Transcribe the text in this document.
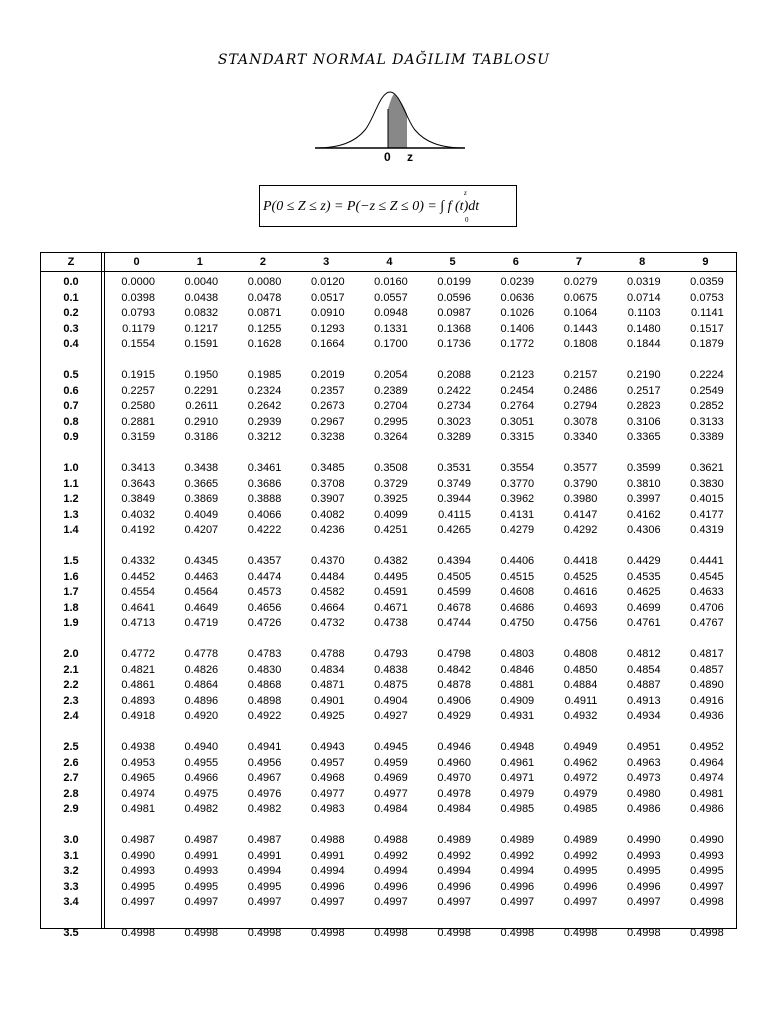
STANDART NORMAL DAĞILIM TABLOSU
0 z
P(0 ≤ Z ≤ z) = P(−z ≤ Z ≤ 0) = ∫ f (t)dt
z
0
Z	0	1	2	3	4	5	6	7	8	9
0.0	0.0000	0.0040	0.0080	0.0120	0.0160	0.0199	0.0239	0.0279	0.0319	0.0359
0.1	0.0398	0.0438	0.0478	0.0517	0.0557	0.0596	0.0636	0.0675	0.0714	0.0753
0.2	0.0793	0.0832	0.0871	0.0910	0.0948	0.0987	0.1026	0.1064	0.1103	0.1141
0.3	0.1179	0.1217	0.1255	0.1293	0.1331	0.1368	0.1406	0.1443	0.1480	0.1517
0.4	0.1554	0.1591	0.1628	0.1664	0.1700	0.1736	0.1772	0.1808	0.1844	0.1879
0.5	0.1915	0.1950	0.1985	0.2019	0.2054	0.2088	0.2123	0.2157	0.2190	0.2224
0.6	0.2257	0.2291	0.2324	0.2357	0.2389	0.2422	0.2454	0.2486	0.2517	0.2549
0.7	0.2580	0.2611	0.2642	0.2673	0.2704	0.2734	0.2764	0.2794	0.2823	0.2852
0.8	0.2881	0.2910	0.2939	0.2967	0.2995	0.3023	0.3051	0.3078	0.3106	0.3133
0.9	0.3159	0.3186	0.3212	0.3238	0.3264	0.3289	0.3315	0.3340	0.3365	0.3389
1.0	0.3413	0.3438	0.3461	0.3485	0.3508	0.3531	0.3554	0.3577	0.3599	0.3621
1.1	0.3643	0.3665	0.3686	0.3708	0.3729	0.3749	0.3770	0.3790	0.3810	0.3830
1.2	0.3849	0.3869	0.3888	0.3907	0.3925	0.3944	0.3962	0.3980	0.3997	0.4015
1.3	0.4032	0.4049	0.4066	0.4082	0.4099	0.4115	0.4131	0.4147	0.4162	0.4177
1.4	0.4192	0.4207	0.4222	0.4236	0.4251	0.4265	0.4279	0.4292	0.4306	0.4319
1.5	0.4332	0.4345	0.4357	0.4370	0.4382	0.4394	0.4406	0.4418	0.4429	0.4441
1.6	0.4452	0.4463	0.4474	0.4484	0.4495	0.4505	0.4515	0.4525	0.4535	0.4545
1.7	0.4554	0.4564	0.4573	0.4582	0.4591	0.4599	0.4608	0.4616	0.4625	0.4633
1.8	0.4641	0.4649	0.4656	0.4664	0.4671	0.4678	0.4686	0.4693	0.4699	0.4706
1.9	0.4713	0.4719	0.4726	0.4732	0.4738	0.4744	0.4750	0.4756	0.4761	0.4767
2.0	0.4772	0.4778	0.4783	0.4788	0.4793	0.4798	0.4803	0.4808	0.4812	0.4817
2.1	0.4821	0.4826	0.4830	0.4834	0.4838	0.4842	0.4846	0.4850	0.4854	0.4857
2.2	0.4861	0.4864	0.4868	0.4871	0.4875	0.4878	0.4881	0.4884	0.4887	0.4890
2.3	0.4893	0.4896	0.4898	0.4901	0.4904	0.4906	0.4909	0.4911	0.4913	0.4916
2.4	0.4918	0.4920	0.4922	0.4925	0.4927	0.4929	0.4931	0.4932	0.4934	0.4936
2.5	0.4938	0.4940	0.4941	0.4943	0.4945	0.4946	0.4948	0.4949	0.4951	0.4952
2.6	0.4953	0.4955	0.4956	0.4957	0.4959	0.4960	0.4961	0.4962	0.4963	0.4964
2.7	0.4965	0.4966	0.4967	0.4968	0.4969	0.4970	0.4971	0.4972	0.4973	0.4974
2.8	0.4974	0.4975	0.4976	0.4977	0.4977	0.4978	0.4979	0.4979	0.4980	0.4981
2.9	0.4981	0.4982	0.4982	0.4983	0.4984	0.4984	0.4985	0.4985	0.4986	0.4986
3.0	0.4987	0.4987	0.4987	0.4988	0.4988	0.4989	0.4989	0.4989	0.4990	0.4990
3.1	0.4990	0.4991	0.4991	0.4991	0.4992	0.4992	0.4992	0.4992	0.4993	0.4993
3.2	0.4993	0.4993	0.4994	0.4994	0.4994	0.4994	0.4994	0.4995	0.4995	0.4995
3.3	0.4995	0.4995	0.4995	0.4996	0.4996	0.4996	0.4996	0.4996	0.4996	0.4997
3.4	0.4997	0.4997	0.4997	0.4997	0.4997	0.4997	0.4997	0.4997	0.4997	0.4998
3.5	0.4998	0.4998	0.4998	0.4998	0.4998	0.4998	0.4998	0.4998	0.4998	0.4998
